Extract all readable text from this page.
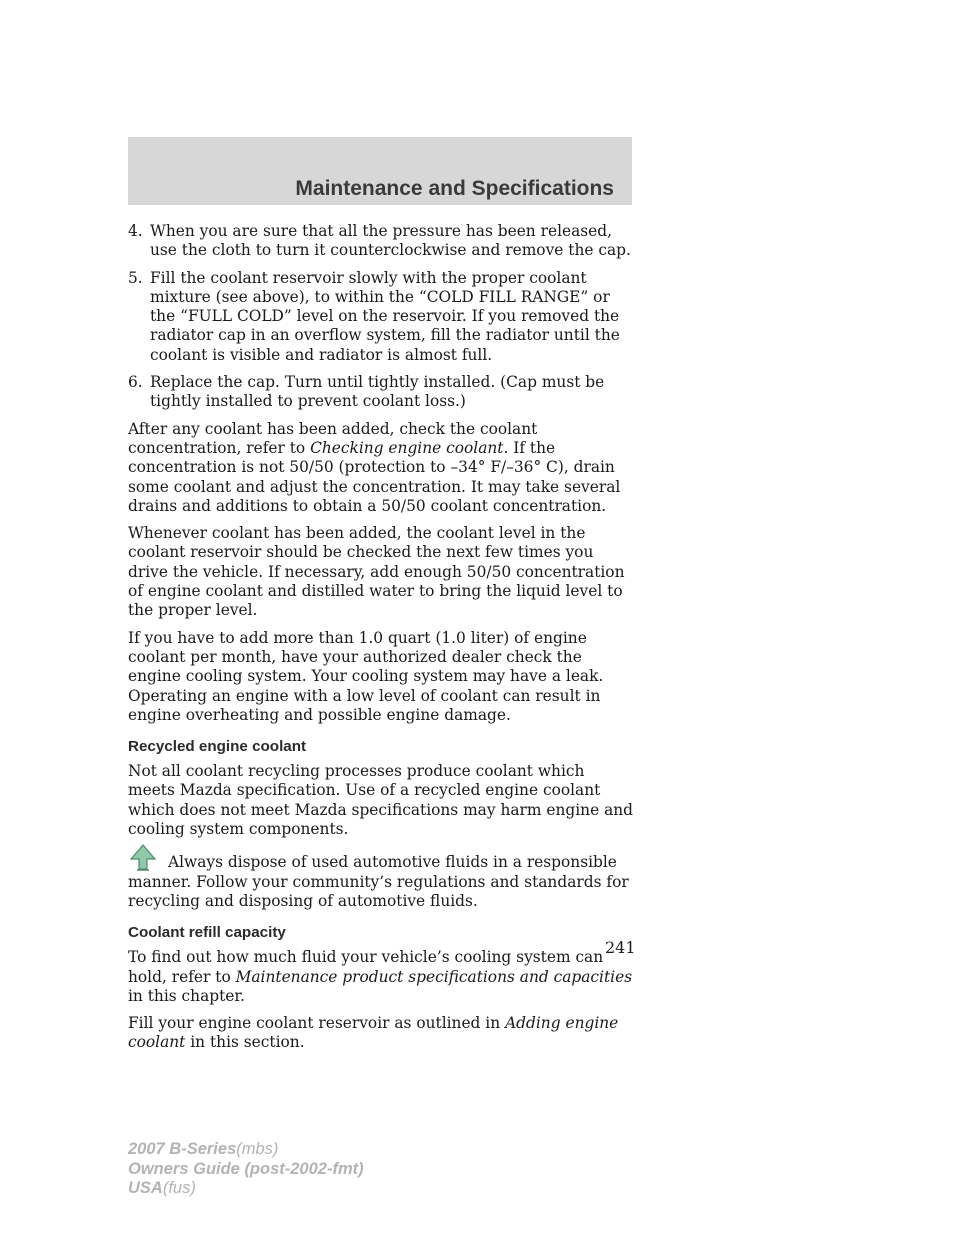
Maintenance and Specifications
4. When you are sure that all the pressure has been released, use the cloth to turn it counterclockwise and remove the cap.
5. Fill the coolant reservoir slowly with the proper coolant mixture (see above), to within the “COLD FILL RANGE” or the “FULL COLD” level on the reservoir. If you removed the radiator cap in an overflow system, fill the radiator until the coolant is visible and radiator is almost full.
6. Replace the cap. Turn until tightly installed. (Cap must be tightly installed to prevent coolant loss.)

After any coolant has been added, check the coolant concentration, refer to Checking engine coolant. If the concentration is not 50/50 (protection to –34° F/–36° C), drain some coolant and adjust the concentration. It may take several drains and additions to obtain a 50/50 coolant concentration.

Whenever coolant has been added, the coolant level in the coolant reservoir should be checked the next few times you drive the vehicle. If necessary, add enough 50/50 concentration of engine coolant and distilled water to bring the liquid level to the proper level.

If you have to add more than 1.0 quart (1.0 liter) of engine coolant per month, have your authorized dealer check the engine cooling system. Your cooling system may have a leak. Operating an engine with a low level of coolant can result in engine overheating and possible engine damage.

Recycled engine coolant

Not all coolant recycling processes produce coolant which meets Mazda specification. Use of a recycled engine coolant which does not meet Mazda specifications may harm engine and cooling system components.

Always dispose of used automotive fluids in a responsible manner. Follow your community’s regulations and standards for recycling and disposing of automotive fluids.

Coolant refill capacity

To find out how much fluid your vehicle’s cooling system can hold, refer to Maintenance product specifications and capacities in this chapter.

Fill your engine coolant reservoir as outlined in Adding engine coolant in this section.

241
2007 B-Series(mbs)
Owners Guide (post-2002-fmt)
USA(fus)
